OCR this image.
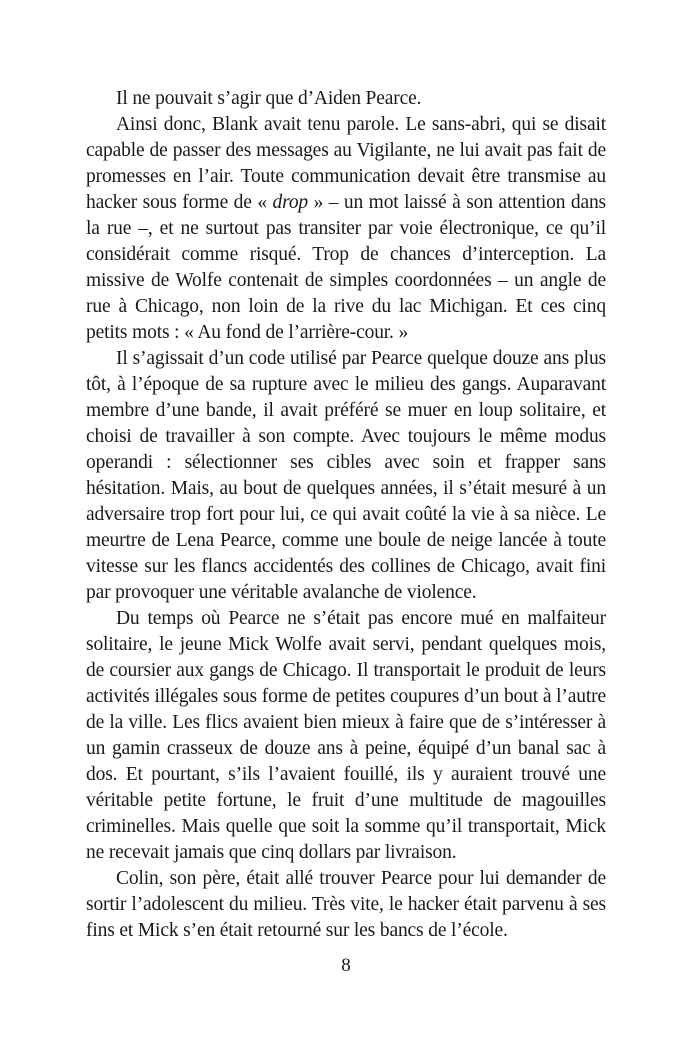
Il ne pouvait s’agir que d’Aiden Pearce.

Ainsi donc, Blank avait tenu parole. Le sans-abri, qui se disait capable de passer des messages au Vigilante, ne lui avait pas fait de promesses en l’air. Toute communication devait être transmise au hacker sous forme de « drop » – un mot laissé à son attention dans la rue –, et ne surtout pas transiter par voie électronique, ce qu’il considérait comme risqué. Trop de chances d’interception. La missive de Wolfe contenait de simples coordonnées – un angle de rue à Chicago, non loin de la rive du lac Michigan. Et ces cinq petits mots : « Au fond de l’arrière-cour. »

Il s’agissait d’un code utilisé par Pearce quelque douze ans plus tôt, à l’époque de sa rupture avec le milieu des gangs. Auparavant membre d’une bande, il avait préféré se muer en loup solitaire, et choisi de travailler à son compte. Avec toujours le même modus operandi : sélectionner ses cibles avec soin et frapper sans hésitation. Mais, au bout de quelques années, il s’était mesuré à un adversaire trop fort pour lui, ce qui avait coûté la vie à sa nièce. Le meurtre de Lena Pearce, comme une boule de neige lancée à toute vitesse sur les flancs accidentés des collines de Chicago, avait fini par provoquer une véritable avalanche de violence.

Du temps où Pearce ne s’était pas encore mué en malfaiteur solitaire, le jeune Mick Wolfe avait servi, pendant quelques mois, de coursier aux gangs de Chicago. Il transportait le produit de leurs activités illégales sous forme de petites coupures d’un bout à l’autre de la ville. Les flics avaient bien mieux à faire que de s’intéresser à un gamin crasseux de douze ans à peine, équipé d’un banal sac à dos. Et pourtant, s’ils l’avaient fouillé, ils y auraient trouvé une véritable petite fortune, le fruit d’une multitude de magouilles criminelles. Mais quelle que soit la somme qu’il transportait, Mick ne recevait jamais que cinq dollars par livraison.

Colin, son père, était allé trouver Pearce pour lui demander de sortir l’adolescent du milieu. Très vite, le hacker était parvenu à ses fins et Mick s’en était retourné sur les bancs de l’école.

8
